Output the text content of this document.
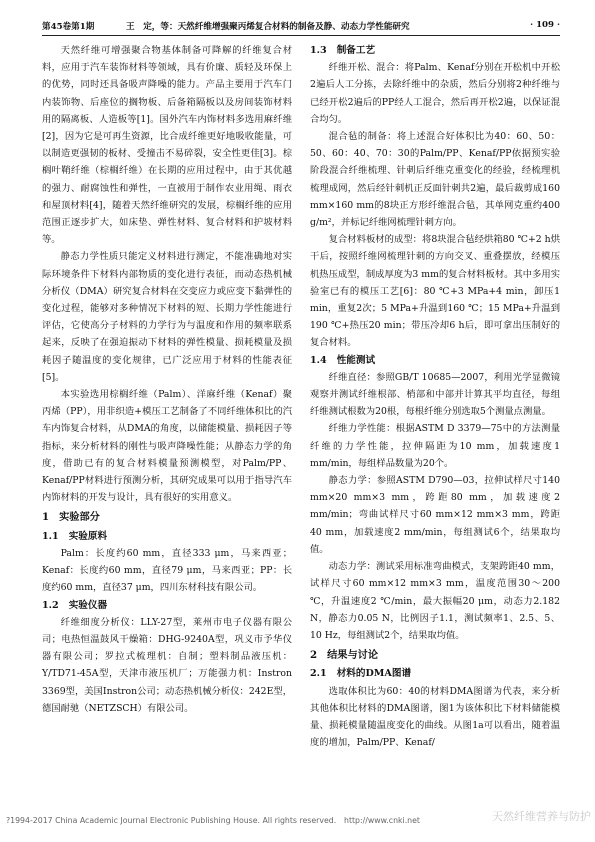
第45卷第1期	王　定，等：天然纤维增强聚丙烯复合材料的制备及静、动态力学性能研究	· 109 ·

天然纤维可增强聚合物基体制备可降解的纤维复合材料，应用于汽车装饰材料等领域，具有价廉、质轻及环保上的优势，同时还具备吸声降噪的能力。产品主要用于汽车门内装饰物、后座位的搁物板、后备箱隔板以及房间装饰材料用的隔离板、人造板等[1]。国外汽车内饰材料多选用麻纤维[2]，因为它是可再生资源，比合成纤维更好地吸收能量，可以制造更强韧的板材、受撞击不易碎裂，安全性更佳[3]。棕榈叶鞘纤维（棕榈纤维）在长期的应用过程中，由于其优越的强力、耐腐蚀性和弹性，一直被用于制作农业用绳、雨衣和屋顶材料[4]，随着天然纤维研究的发展，棕榈纤维的应用范围正逐步扩大，如床垫、弹性材料、复合材料和护坡材料等。

静态力学性质只能定义材料进行测定，不能准确地对实际环境条件下材料内部物质的变化进行表征，而动态热机械分析仪（DMA）研究复合材料在交变应力或应变下黏弹性的变化过程，能够对多种情况下材料的短、长期力学性能进行评估，它使高分子材料的力学行为与温度和作用的频率联系起来，反映了在强迫振动下材料的弹性模量、损耗模量及损耗因子随温度的变化规律，已广泛应用于材料的性能表征[5]。

本实验选用棕榈纤维（Palm）、洋麻纤维（Kenaf）聚丙烯（PP），用非织造+模压工艺制备了不同纤维体积比的汽车内饰复合材料，从DMA的角度，以储能模量、损耗因子等指标，来分析材料的刚性与吸声降噪性能；从静态力学的角度，借助已有的复合材料模量预测模型，对Palm/PP、Kenaf/PP材料进行预测分析，其研究成果可以用于指导汽车内饰材料的开发与设计，具有很好的实用意义。

1 实验部分
1.1 实验原料

Palm：长度约60 mm，直径333 μm，马来西亚；Kenaf：长度约60 mm，直径79 μm，马来西亚；PP：长度约60 mm，直径37 μm，四川东材科技有限公司。

1.2 实验仪器

纤维细度分析仪：LLY-27型，莱州市电子仪器有限公司；电热恒温鼓风干燥箱：DHG-9240A型，巩义市予华仪器有限公司；罗拉式梳理机：自制；塑料制品液压机：Y/TD71-45A型，天津市液压机厂；万能强力机：Instron 3369型，美国Instron公司；动态热机械分析仪：242E型，德国耐驰（NETZSCH）有限公司。

1.3 制备工艺

纤维开松、混合：将Palm、Kenaf分别在开松机中开松2遍后人工分拣，去除纤维中的杂质，然后分别将2种纤维与已经开松2遍后的PP经人工混合，然后再开松2遍，以保证混合均匀。

混合毡的制备：将上述混合好体积比为40：60、50：50、60：40、70：30的Palm/PP、Kenaf/PP依据预实验阶段混合纤维梳理、针刺后纤维克重变化的经验，经梳理机梳理成网，然后经针刺机正反面针刺共2遍，最后裁剪成160 mm×160 mm的8块正方形纤维混合毡，其单网克重约400 g/m²，并标记纤维网梳理针刺方向。

复合材料板材的成型：将8块混合毡经烘箱80 ℃+2 h烘干后，按照纤维网梳理针刺的方向交叉、重叠摆放，经模压机热压成型，制成厚度为3 mm的复合材料板材。其中多用实验室已有的模压工艺[6]：80 ℃+3 MPa+4 min，卸压1 min，重复2次；5 MPa+升温到160 ℃；15 MPa+升温到190 ℃+热压20 min；带压冷却6 h后，即可拿出压制好的复合材料。

1.4 性能测试

纤维直径：参照GB/T 10685—2007，利用光学显微镜观察并测试纤维根部、梢部和中部并计算其平均直径，每组纤维测试根数为20根，每根纤维分别选取5个测量点测量。

纤维力学性能：根据ASTM D 3379—75中的方法测量纤维的力学性能，拉伸隔距为10 mm，加载速度1 mm/min，每组样品数量为20个。

静态力学：参照ASTM D790—03，拉伸试样尺寸140 mm×20 mm×3 mm，跨距80 mm，加载速度2 mm/min；弯曲试样尺寸60 mm×12 mm×3 mm，跨距40 mm，加载速度2 mm/min，每组测试6个，结果取均值。

动态力学：测试采用标准弯曲模式，支架跨距40 mm，试样尺寸60 mm×12 mm×3 mm，温度范围30～200 ℃，升温速度2 ℃/min，最大振幅20 μm，动态力2.182 N，静态力0.05 N，比例因子1.1，测试频率1、2.5、5、10 Hz，每组测试2个，结果取均值。

2 结果与讨论
2.1 材料的DMA图谱

选取体积比为60：40的材料DMA图谱为代表，来分析其他体积比材料的DMA图谱，图1为该体积比下材料储能模量、损耗模量随温度变化的曲线。从图1a可以看出，随着温度的增加，Palm/PP、Kenaf/

?1994-2017 China Academic Journal Electronic Publishing House. All rights reserved.　http://www.cnki.net	天然纤维营养与防护
